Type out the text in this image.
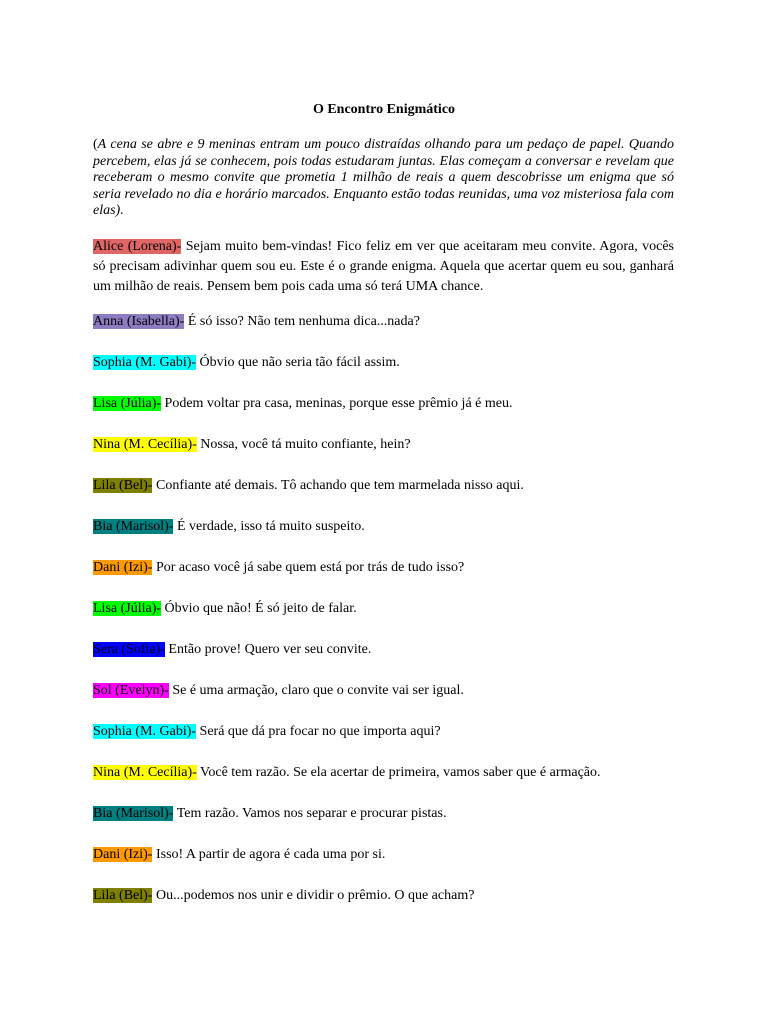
O Encontro Enigmático
(A cena se abre e 9 meninas entram um pouco distraídas olhando para um pedaço de papel. Quando percebem, elas já se conhecem, pois todas estudaram juntas. Elas começam a conversar e revelam que receberam o mesmo convite que prometia 1 milhão de reais a quem descobrisse um enigma que só seria revelado no dia e horário marcados. Enquanto estão todas reunidas, uma voz misteriosa fala com elas).

Alice (Lorena)- Sejam muito bem-vindas! Fico feliz em ver que aceitaram meu convite. Agora, vocês só precisam adivinhar quem sou eu. Este é o grande enigma. Aquela que acertar quem eu sou, ganhará um milhão de reais. Pensem bem pois cada uma só terá UMA chance.

Anna (Isabella)- É só isso? Não tem nenhuma dica...nada?

Sophia (M. Gabi)- Óbvio que não seria tão fácil assim.

Lisa (Júlia)- Podem voltar pra casa, meninas, porque esse prêmio já é meu.

Nina (M. Cecília)- Nossa, você tá muito confiante, hein?

Lila (Bel)- Confiante até demais. Tô achando que tem marmelada nisso aqui.

Bia (Marisol)- É verdade, isso tá muito suspeito.

Dani (Izi)- Por acaso você já sabe quem está por trás de tudo isso?

Lisa (Júlia)- Óbvio que não! É só jeito de falar.

Sera (Sofia)- Então prove! Quero ver seu convite.

Sol (Evelyn)- Se é uma armação, claro que o convite vai ser igual.

Sophia (M. Gabi)- Será que dá pra focar no que importa aqui?

Nina (M. Cecília)- Você tem razão. Se ela acertar de primeira, vamos saber que é armação.

Bia (Marisol)- Tem razão. Vamos nos separar e procurar pistas.

Dani (Izi)- Isso! A partir de agora é cada uma por si.

Lila (Bel)- Ou...podemos nos unir e dividir o prêmio. O que acham?
